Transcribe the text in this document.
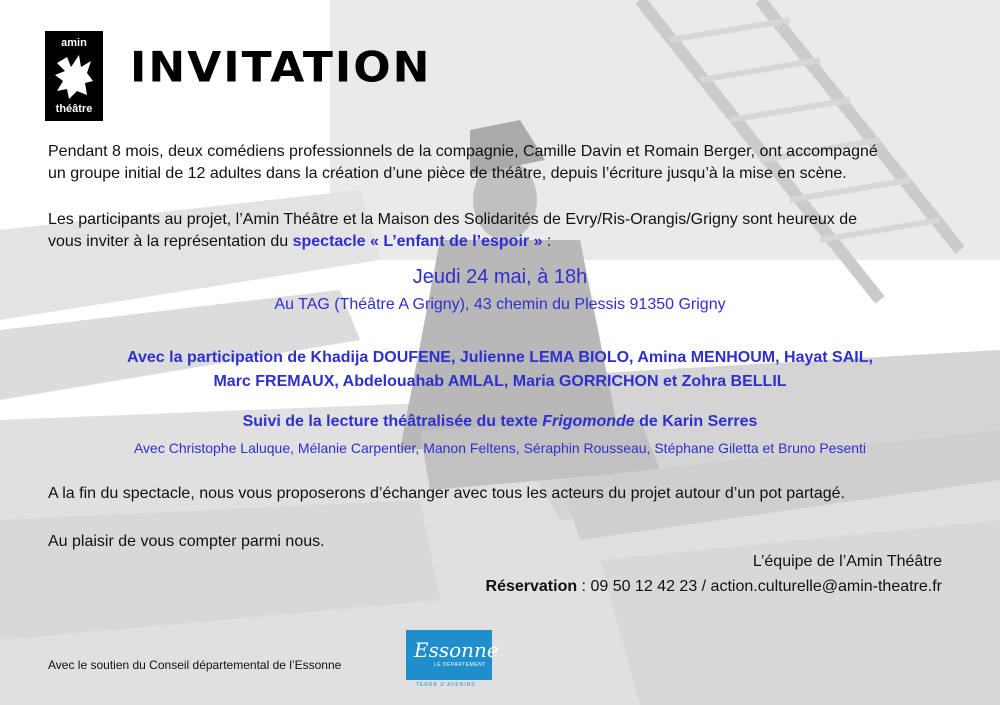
amin
théâtre
INVITATION
Pendant 8 mois, deux comédiens professionnels de la compagnie, Camille Davin et Romain Berger, ont accompagné
un groupe initial de 12 adultes dans la création d’une pièce de théâtre, depuis l’écriture jusqu’à la mise en scène.
Les participants au projet, l’Amin Théâtre et la Maison des Solidarités de Evry/Ris-Orangis/Grigny sont heureux de
vous inviter à la représentation du spectacle « L’enfant de l’espoir » :
Jeudi 24 mai, à 18h
Au TAG (Théâtre A Grigny), 43 chemin du Plessis 91350 Grigny
Avec la participation de Khadija DOUFENE, Julienne LEMA BIOLO, Amina MENHOUM, Hayat SAIL,
Marc FREMAUX, Abdelouahab AMLAL, Maria GORRICHON et Zohra BELLIL
Suivi de la lecture théâtralisée du texte Frigomonde de Karin Serres
Avec Christophe Laluque, Mélanie Carpentier, Manon Feltens, Séraphin Rousseau, Stéphane Giletta et Bruno Pesenti
A la fin du spectacle, nous vous proposerons d’échanger avec tous les acteurs du projet autour d’un pot partagé.
Au plaisir de vous compter parmi nous.
L’équipe de l’Amin Théâtre
Réservation : 09 50 12 42 23 / action.culturelle@amin-theatre.fr
Avec le soutien du Conseil départemental de l’Essonne
Essonne
LE DÉPARTEMENT
TERRE D’AVENIRS
